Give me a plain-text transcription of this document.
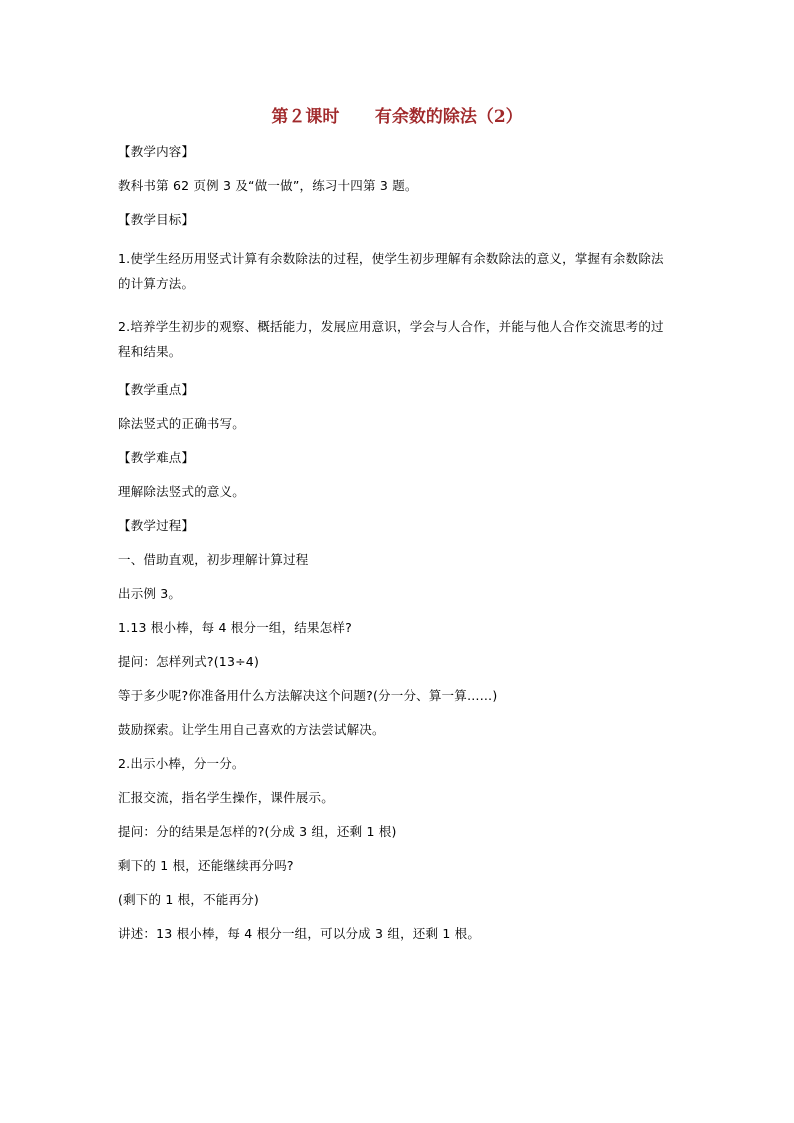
第２课时      有余数的除法（2）
【教学内容】
教科书第 62 页例 3 及“做一做”，练习十四第 3 题。
【教学目标】
1.使学生经历用竖式计算有余数除法的过程，使学生初步理解有余数除法的意义，掌握有余数除法的计算方法。
2.培养学生初步的观察、概括能力，发展应用意识，学会与人合作，并能与他人合作交流思考的过程和结果。
【教学重点】
除法竖式的正确书写。
【教学难点】
理解除法竖式的意义。
【教学过程】
一、借助直观，初步理解计算过程
出示例 3。
1.13 根小棒，每 4 根分一组，结果怎样?
提问：怎样列式?(13÷4)
等于多少呢?你准备用什么方法解决这个问题?(分一分、算一算……)
鼓励探索。让学生用自己喜欢的方法尝试解决。
2.出示小棒，分一分。
汇报交流，指名学生操作，课件展示。
提问：分的结果是怎样的?(分成 3 组，还剩 1 根)
剩下的 1 根，还能继续再分吗?
(剩下的 1 根，不能再分)
讲述：13 根小棒，每 4 根分一组，可以分成 3 组，还剩 1 根。
